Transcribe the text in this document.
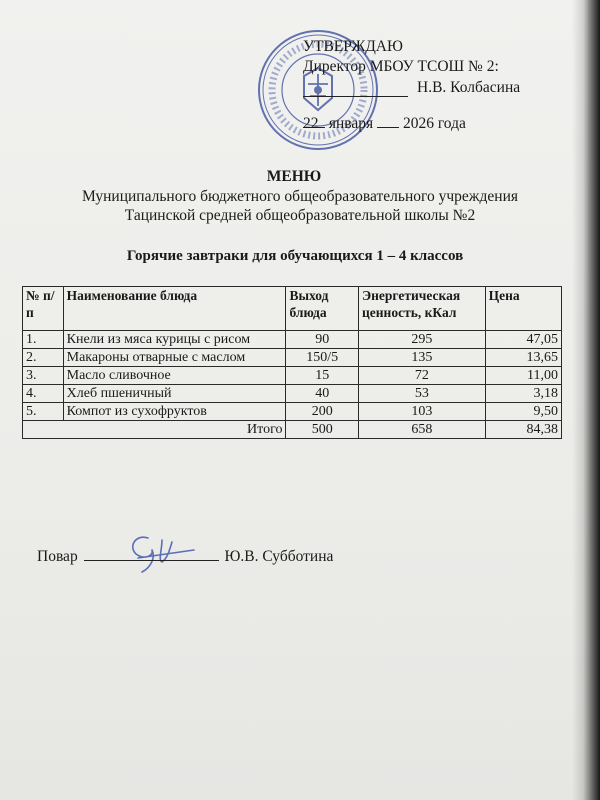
УТВЕРЖДАЮ
Директор МБОУ ТСОШ № 2:
Н.В. Колбасина
22 января 2026 года
МЕНЮ
Муниципального бюджетного общеобразовательного учреждения
Тацинской средней общеобразовательной школы №2
Горячие завтраки для обучающихся 1 – 4 классов
№ п/п	Наименование блюда	Выход блюда	Энергетическая ценность, кКал	Цена
1.	Кнели из мяса курицы с рисом	90	295	47,05
2.	Макароны отварные с маслом	150/5	135	13,65
3.	Масло сливочное	15	72	11,00
4.	Хлеб пшеничный	40	53	3,18
5.	Компот из сухофруктов	200	103	9,50
Итого		500	658	84,38
Повар	Ю.В. Субботина
